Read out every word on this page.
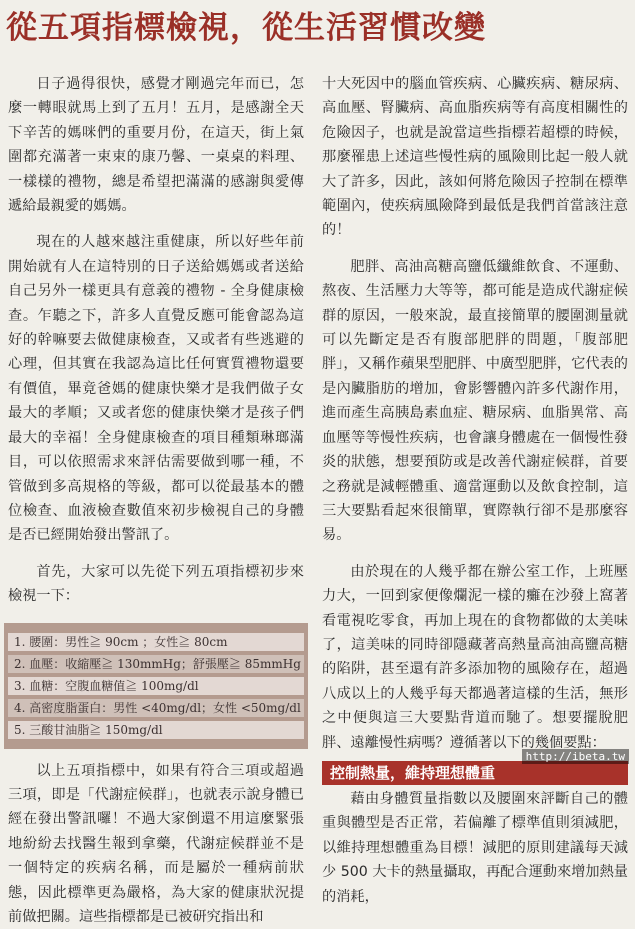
從五項指標檢視，從生活習慣改變

日子過得很快，感覺才剛過完年而已，怎麼一轉眼就馬上到了五月！五月，是感謝全天下辛苦的媽咪們的重要月份，在這天，街上氣圍都充滿著一束束的康乃馨、一桌桌的料理、一樣樣的禮物，總是希望把滿滿的感謝與愛傳遞給最親愛的媽媽。

現在的人越來越注重健康，所以好些年前開始就有人在這特別的日子送給媽媽或者送給自己另外一樣更具有意義的禮物 - 全身健康檢查。乍聽之下，許多人直覺反應可能會認為這好的幹嘛要去做健康檢查，又或者有些逃避的心理，但其實在我認為這比任何實質禮物還要有價值，畢竟爸媽的健康快樂才是我們做子女最大的孝順；又或者您的健康快樂才是孩子們最大的幸福！全身健康檢查的項目種類琳瑯滿目，可以依照需求來評估需要做到哪一種，不管做到多高規格的等級，都可以從最基本的體位檢查、血液檢查數值來初步檢視自己的身體是否已經開始發出警訊了。

首先，大家可以先從下列五項指標初步來檢視一下：

1. 腰圍：男性≧ 90cm ；女性≧ 80cm
2. 血壓：收縮壓≧ 130mmHg；舒張壓≧ 85mmHg
3. 血糖：空腹血糖值≧ 100mg/dl
4. 高密度脂蛋白：男性 <40mg/dl；女性 <50mg/dl
5. 三酸甘油脂≧ 150mg/dl

以上五項指標中，如果有符合三項或超過三項，即是「代謝症候群」，也就表示說身體已經在發出警訊囉！不過大家倒還不用這麼緊張地紛紛去找醫生報到拿藥，代謝症候群並不是一個特定的疾病名稱，而是屬於一種病前狀態，因此標準更為嚴格，為大家的健康狀況提前做把關。這些指標都是已被研究指出和

十大死因中的腦血管疾病、心臟疾病、糖尿病、高血壓、腎臟病、高血脂疾病等有高度相關性的危險因子，也就是說當這些指標若超標的時候，那麼罹患上述這些慢性病的風險則比起一般人就大了許多，因此，該如何將危險因子控制在標準範圍內，使疾病風險降到最低是我們首當該注意的！

肥胖、高油高糖高鹽低纖維飲食、不運動、熬夜、生活壓力大等等，都可能是造成代謝症候群的原因，一般來說，最直接簡單的腰圍測量就可以先斷定是否有腹部肥胖的問題，「腹部肥胖」，又稱作蘋果型肥胖、中廣型肥胖，它代表的是內臟脂肪的增加，會影響體內許多代謝作用，進而產生高胰島素血症、糖尿病、血脂異常、高血壓等等慢性疾病，也會讓身體處在一個慢性發炎的狀態，想要預防或是改善代謝症候群，首要之務就是減輕體重、適當運動以及飲食控制，這三大要點看起來很簡單，實際執行卻不是那麼容易。

由於現在的人幾乎都在辦公室工作，上班壓力大，一回到家便像爛泥一樣的癱在沙發上窩著看電視吃零食，再加上現在的食物都做的太美味了，這美味的同時卻隱藏著高熱量高油高鹽高糖的陷阱，甚至還有許多添加物的風險存在，超過八成以上的人幾乎每天都過著這樣的生活，無形之中便與這三大要點背道而馳了。想要擺脫肥胖、遠離慢性病嗎？遵循著以下的幾個要點：

控制熱量，維持理想體重

藉由身體質量指數以及腰圍來評斷自己的體重與體型是否正常，若偏離了標準值則須減肥，以維持理想體重為目標！減肥的原則建議每天減少 500 大卡的熱量攝取，再配合運動來增加熱量的消耗，

http://ibeta.tw
